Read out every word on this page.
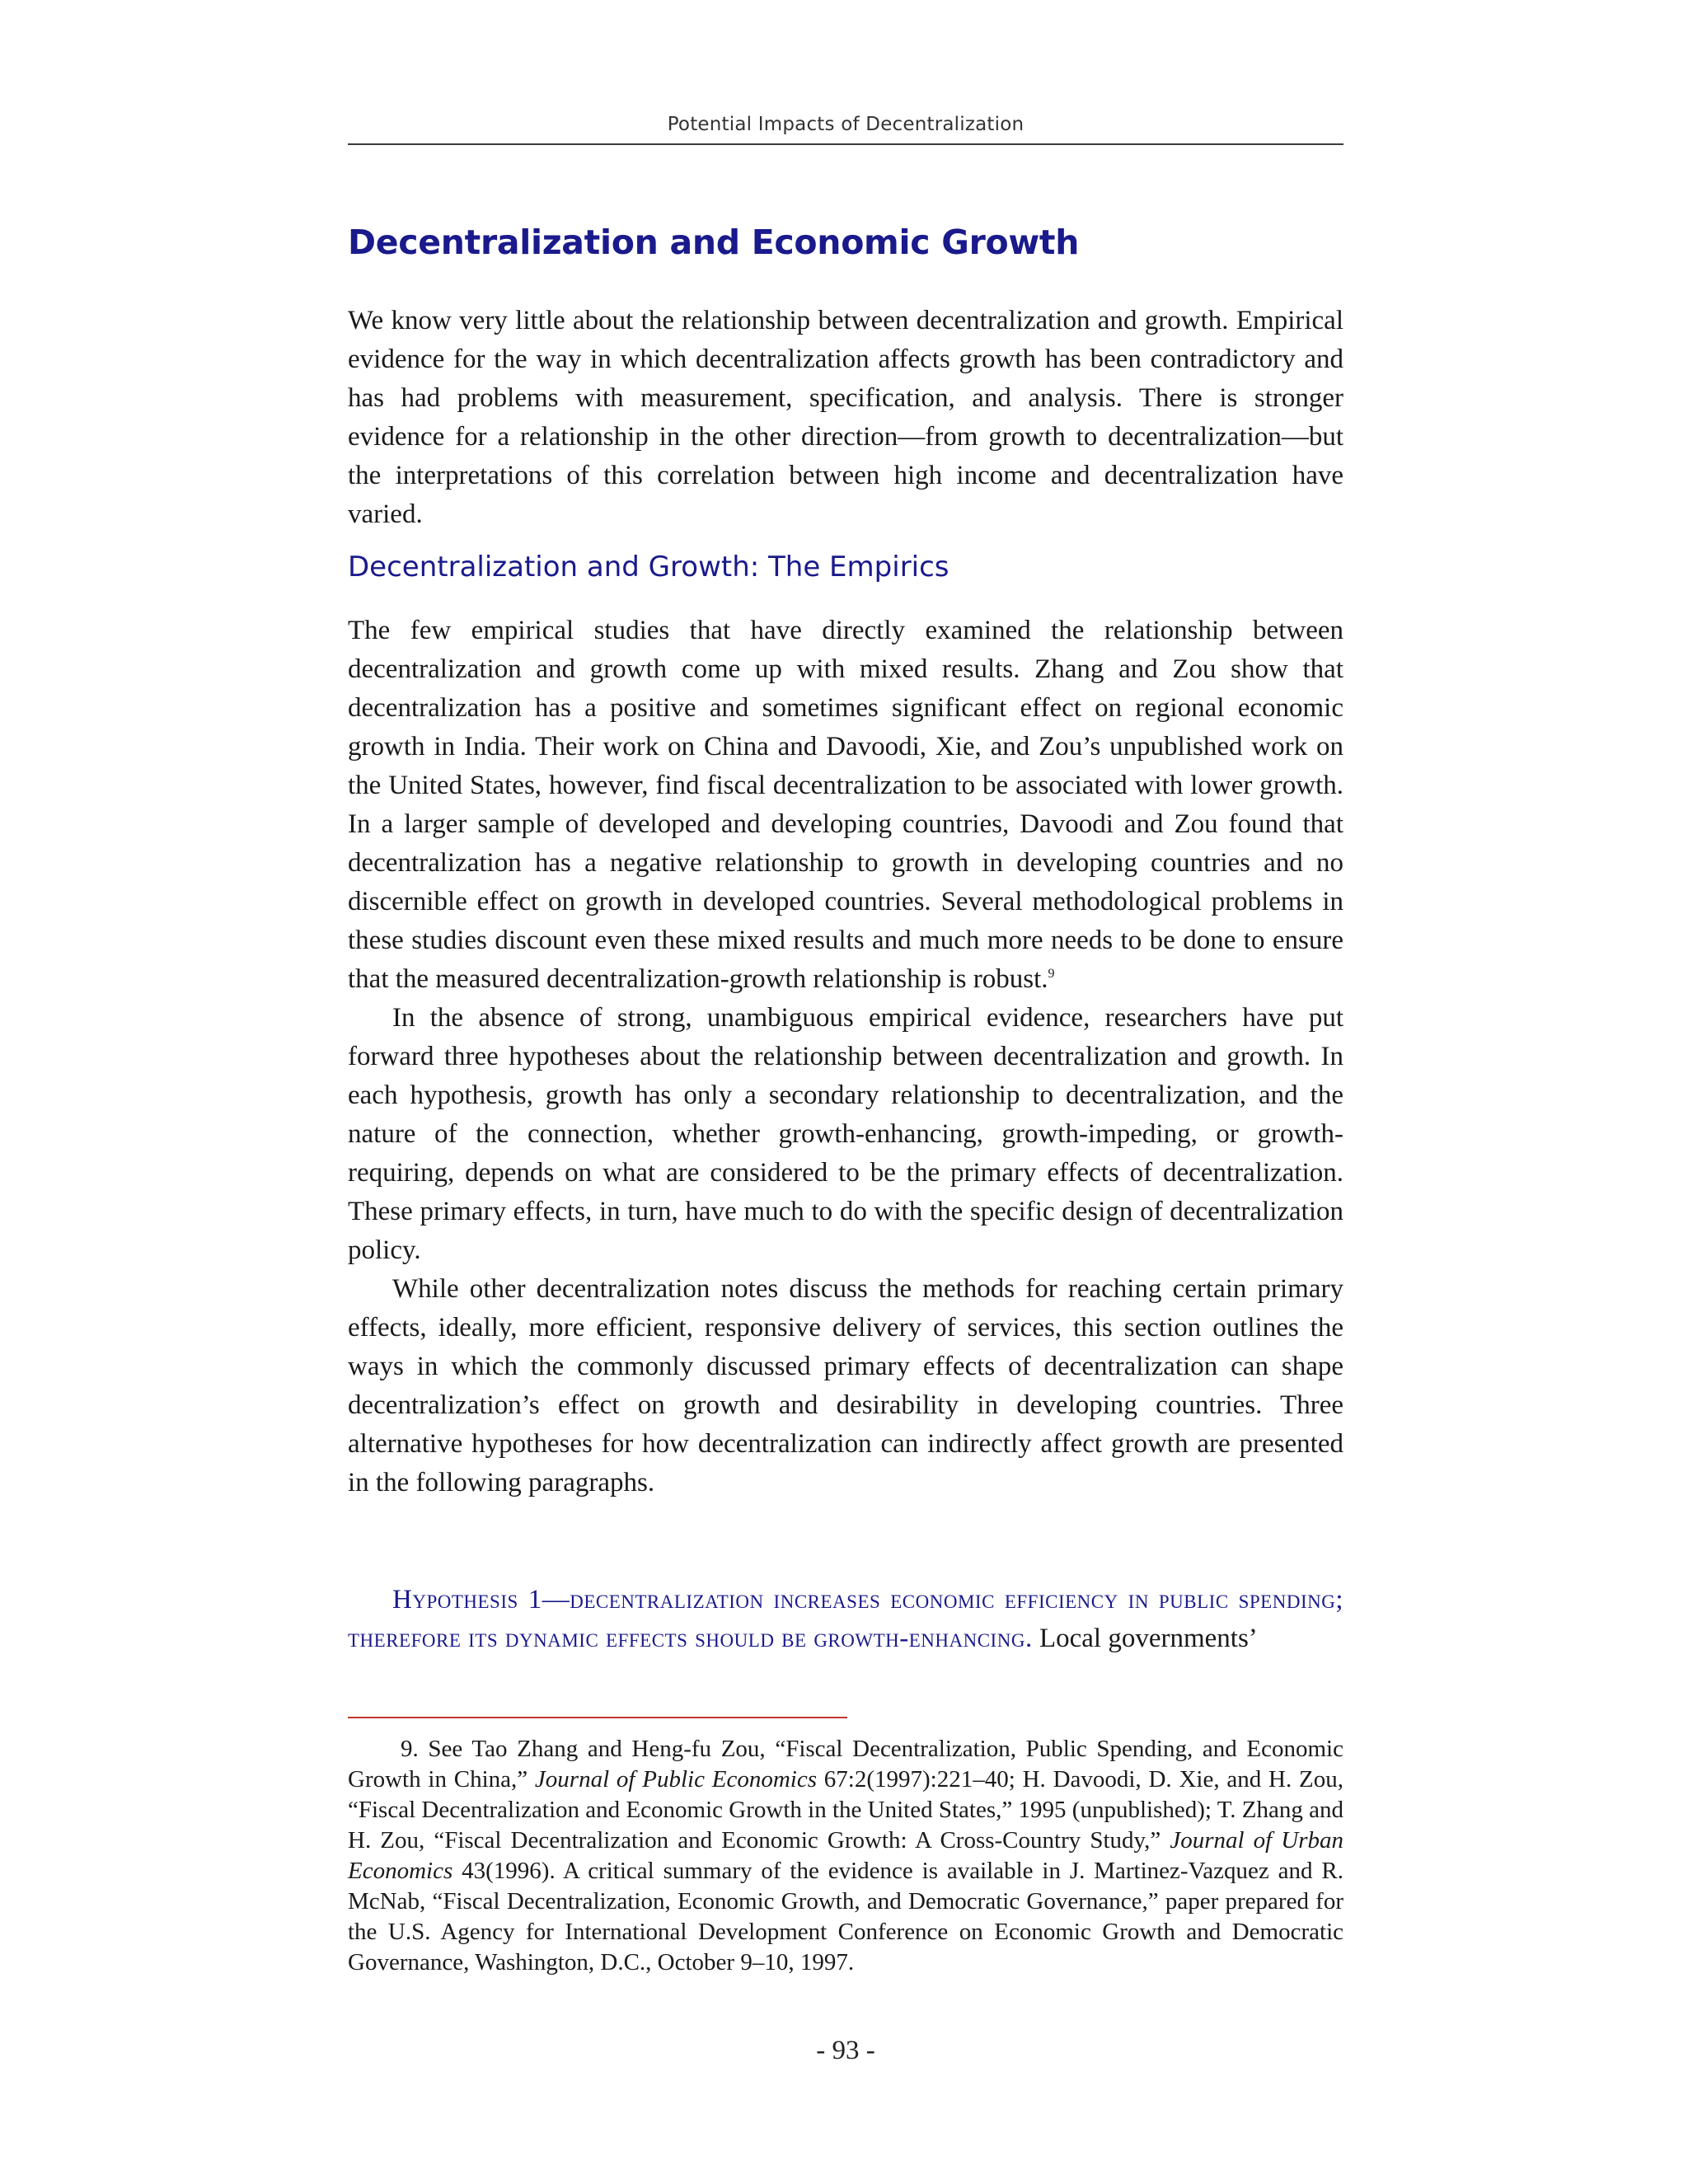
Potential Impacts of Decentralization
Decentralization and Economic Growth

We know very little about the relationship between decentralization and growth. Empirical evidence for the way in which decentralization affects growth has been contradictory and has had problems with measurement, specification, and analysis. There is stronger evidence for a relationship in the other direction—from growth to decentralization—but the interpretations of this correlation between high income and decentralization have varied.

Decentralization and Growth: The Empirics

The few empirical studies that have directly examined the relationship between decentralization and growth come up with mixed results. Zhang and Zou show that decentralization has a positive and sometimes significant effect on regional economic growth in India. Their work on China and Davoodi, Xie, and Zou’s unpublished work on the United States, however, find fiscal decentralization to be associated with lower growth. In a larger sample of developed and developing countries, Davoodi and Zou found that decentralization has a negative relationship to growth in developing countries and no discernible effect on growth in developed countries. Several methodological problems in these studies discount even these mixed results and much more needs to be done to ensure that the measured decentralization-growth relationship is robust.$^9$

In the absence of strong, unambiguous empirical evidence, researchers have put forward three hypotheses about the relationship between decentralization and growth. In each hypothesis, growth has only a secondary relationship to decentralization, and the nature of the connection, whether growth-enhancing, growth-impeding, or growth-requiring, depends on what are considered to be the primary effects of decentralization. These primary effects, in turn, have much to do with the specific design of decentralization policy.

While other decentralization notes discuss the methods for reaching certain primary effects, ideally, more efficient, responsive delivery of services, this section outlines the ways in which the commonly discussed primary effects of decentralization can shape decentralization’s effect on growth and desirability in developing countries. Three alternative hypotheses for how decentralization can indirectly affect growth are presented in the following paragraphs.

Hypothesis 1—decentralization increases economic efficiency in public spending; therefore its dynamic effects should be growth-enhancing. Local governments’

9. See Tao Zhang and Heng-fu Zou, “Fiscal Decentralization, Public Spending, and Economic Growth in China,” Journal of Public Economics 67:2(1997):221–40; H. Davoodi, D. Xie, and H. Zou, “Fiscal Decentralization and Economic Growth in the United States,” 1995 (unpublished); T. Zhang and H. Zou, “Fiscal Decentralization and Economic Growth: A Cross-Country Study,” Journal of Urban Economics 43(1996). A critical summary of the evidence is available in J. Martinez-Vazquez and R. McNab, “Fiscal Decentralization, Economic Growth, and Democratic Governance,” paper prepared for the U.S. Agency for International Development Conference on Economic Growth and Democratic Governance, Washington, D.C., October 9–10, 1997.

- 93 -
